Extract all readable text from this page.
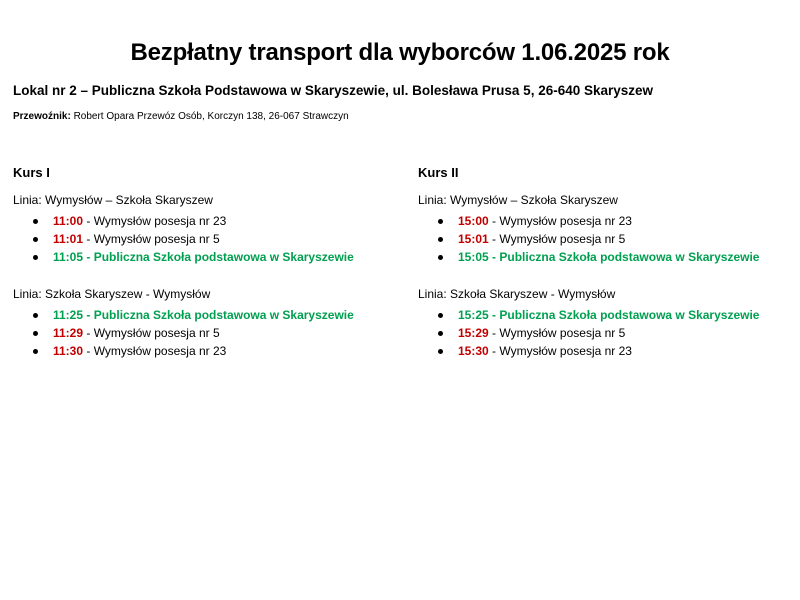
Bezpłatny transport dla wyborców 1.06.2025 rok
Lokal nr 2 – Publiczna Szkoła Podstawowa w Skaryszewie, ul. Bolesława Prusa 5, 26-640 Skaryszew
Przewoźnik: Robert Opara Przewóz Osób, Korczyn 138, 26-067 Strawczyn
Kurs I
Linia: Wymysłów – Szkoła Skaryszew
11:00 - Wymysłów posesja nr 23
11:01 - Wymysłów posesja nr 5
11:05 - Publiczna Szkoła podstawowa w Skaryszewie
Linia: Szkoła Skaryszew - Wymysłów
11:25 - Publiczna Szkoła podstawowa w Skaryszewie
11:29 - Wymysłów posesja nr 5
11:30 - Wymysłów posesja nr 23
Kurs II
Linia: Wymysłów – Szkoła Skaryszew
15:00 - Wymysłów posesja nr 23
15:01 - Wymysłów posesja nr 5
15:05 - Publiczna Szkoła podstawowa w Skaryszewie
Linia: Szkoła Skaryszew - Wymysłów
15:25 - Publiczna Szkoła podstawowa w Skaryszewie
15:29 - Wymysłów posesja nr 5
15:30 - Wymysłów posesja nr 23
